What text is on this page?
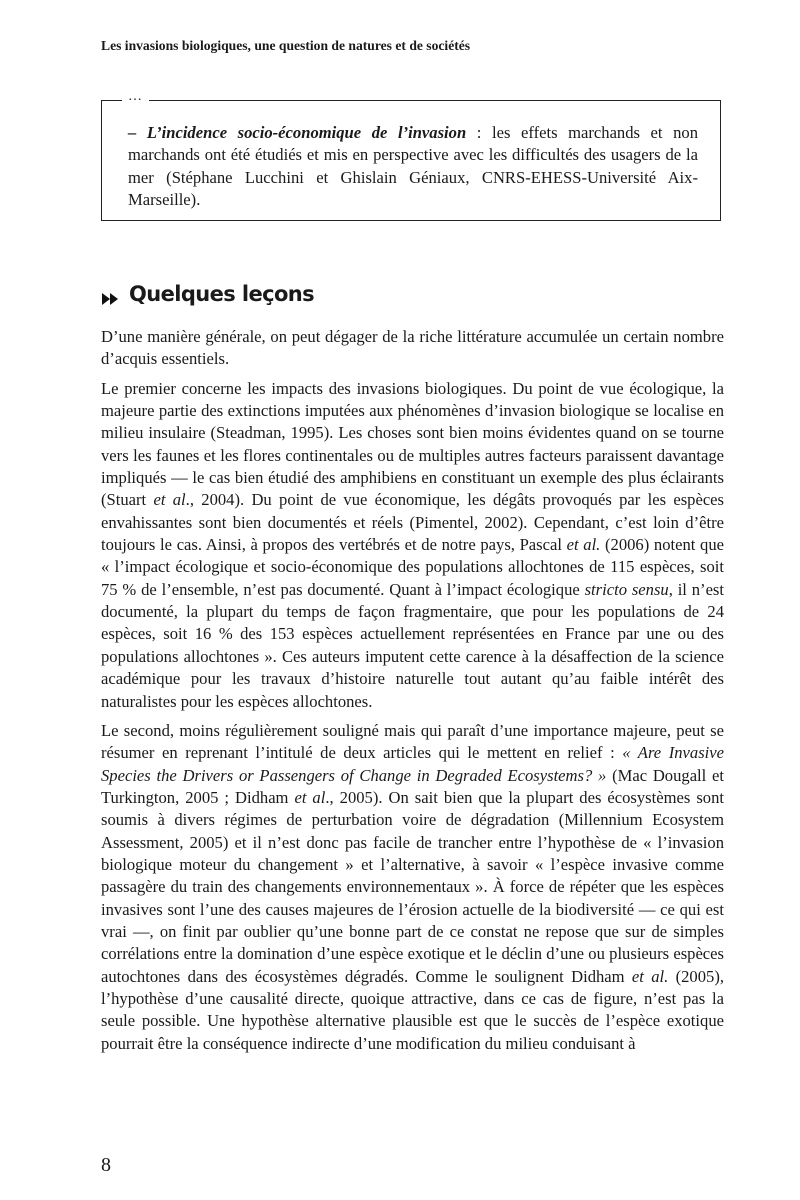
Les invasions biologiques, une question de natures et de sociétés
…
– L’incidence socio-économique de l’invasion : les effets marchands et non marchands ont été étudiés et mis en perspective avec les difficultés des usagers de la mer (Stéphane Lucchini et Ghislain Géniaux, CNRS-EHESS-Université Aix-Marseille).
Quelques leçons

D’une manière générale, on peut dégager de la riche littérature accumulée un certain nombre d’acquis essentiels.

Le premier concerne les impacts des invasions biologiques. Du point de vue écologique, la majeure partie des extinctions imputées aux phénomènes d’invasion biologique se localise en milieu insulaire (Steadman, 1995). Les choses sont bien moins évidentes quand on se tourne vers les faunes et les flores continentales ou de multiples autres facteurs paraissent davantage impliqués — le cas bien étudié des amphibiens en constituant un exemple des plus éclairants (Stuart et al., 2004). Du point de vue économique, les dégâts provoqués par les espèces envahissantes sont bien documentés et réels (Pimentel, 2002). Cependant, c’est loin d’être toujours le cas. Ainsi, à propos des vertébrés et de notre pays, Pascal et al. (2006) notent que « l’impact écologique et socio-économique des populations allochtones de 115 espèces, soit 75 % de l’ensemble, n’est pas documenté. Quant à l’impact écologique stricto sensu, il n’est documenté, la plupart du temps de façon fragmentaire, que pour les populations de 24 espèces, soit 16 % des 153 espèces actuellement représentées en France par une ou des populations allochtones ». Ces auteurs imputent cette carence à la désaffection de la science académique pour les travaux d’histoire naturelle tout autant qu’au faible intérêt des naturalistes pour les espèces allochtones.

Le second, moins régulièrement souligné mais qui paraît d’une importance majeure, peut se résumer en reprenant l’intitulé de deux articles qui le mettent en relief : « Are Invasive Species the Drivers or Passengers of Change in Degraded Ecosystems? » (Mac Dougall et Turkington, 2005 ; Didham et al., 2005). On sait bien que la plupart des écosystèmes sont soumis à divers régimes de perturbation voire de dégradation (Millennium Ecosystem Assessment, 2005) et il n’est donc pas facile de trancher entre l’hypothèse de « l’invasion biologique moteur du changement » et l’alternative, à savoir « l’espèce invasive comme passagère du train des changements environnementaux ». À force de répéter que les espèces invasives sont l’une des causes majeures de l’érosion actuelle de la biodiversité — ce qui est vrai —, on finit par oublier qu’une bonne part de ce constat ne repose que sur de simples corrélations entre la domination d’une espèce exotique et le déclin d’une ou plusieurs espèces autochtones dans des écosystèmes dégradés. Comme le soulignent Didham et al. (2005), l’hypothèse d’une causalité directe, quoique attractive, dans ce cas de figure, n’est pas la seule possible. Une hypothèse alternative plausible est que le succès de l’espèce exotique pourrait être la conséquence indirecte d’une modification du milieu conduisant à

8
